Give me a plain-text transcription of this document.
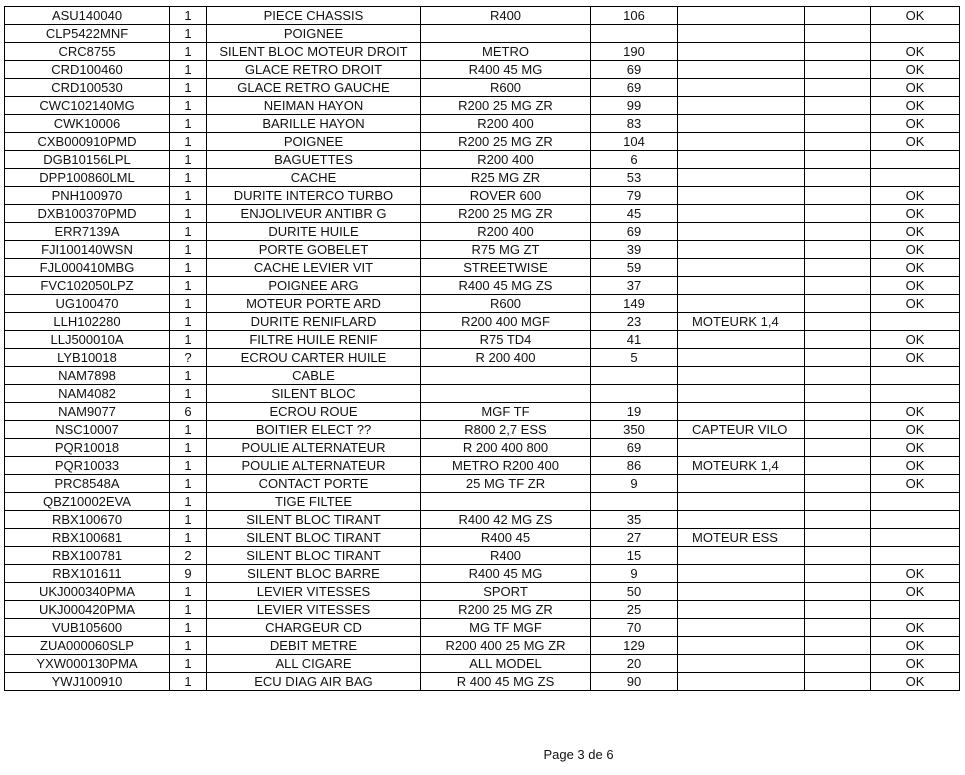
ASU140040	1	PIECE CHASSIS	R400	106			OK
CLP5422MNF	1	POIGNEE					
CRC8755	1	SILENT BLOC MOTEUR DROIT	METRO	190			OK
CRD100460	1	GLACE RETRO DROIT	R400 45 MG	69			OK
CRD100530	1	GLACE RETRO GAUCHE	R600	69			OK
CWC102140MG	1	NEIMAN HAYON	R200 25 MG ZR	99			OK
CWK10006	1	BARILLE HAYON	R200 400	83			OK
CXB000910PMD	1	POIGNEE	R200 25 MG ZR	104			OK
DGB10156LPL	1	BAGUETTES	R200 400	6			
DPP100860LML	1	CACHE	R25 MG ZR	53			
PNH100970	1	DURITE INTERCO TURBO	ROVER 600	79			OK
DXB100370PMD	1	ENJOLIVEUR ANTIBR G	R200 25 MG ZR	45			OK
ERR7139A	1	DURITE HUILE	R200 400	69			OK
FJI100140WSN	1	PORTE GOBELET	R75 MG ZT	39			OK
FJL000410MBG	1	CACHE LEVIER VIT	STREETWISE	59			OK
FVC102050LPZ	1	POIGNEE ARG	R400 45 MG ZS	37			OK
UG100470	1	MOTEUR PORTE ARD	R600	149			OK
LLH102280	1	DURITE RENIFLARD	R200 400 MGF	23	MOTEURK 1,4		
LLJ500010A	1	FILTRE HUILE RENIF	R75 TD4	41			OK
LYB10018	?	ECROU CARTER HUILE	R 200 400	5			OK
NAM7898	1	CABLE					
NAM4082	1	SILENT BLOC					
NAM9077	6	ECROU ROUE	MGF TF	19			OK
NSC10007	1	BOITIER ELECT ??	R800 2,7 ESS	350	CAPTEUR VILO		OK
PQR10018	1	POULIE ALTERNATEUR	R 200 400 800	69			OK
PQR10033	1	POULIE ALTERNATEUR	METRO R200 400	86	MOTEURK 1,4		OK
PRC8548A	1	CONTACT PORTE	25 MG TF ZR	9			OK
QBZ10002EVA	1	TIGE FILTEE					
RBX100670	1	SILENT BLOC TIRANT	R400 42 MG ZS	35			
RBX100681	1	SILENT BLOC TIRANT	R400 45	27	MOTEUR ESS		
RBX100781	2	SILENT BLOC TIRANT	R400	15			
RBX101611	9	SILENT BLOC BARRE	R400 45 MG	9			OK
UKJ000340PMA	1	LEVIER VITESSES	SPORT	50			OK
UKJ000420PMA	1	LEVIER VITESSES	R200 25 MG ZR	25			
VUB105600	1	CHARGEUR CD	MG TF MGF	70			OK
ZUA000060SLP	1	DEBIT METRE	R200 400 25 MG ZR	129			OK
YXW000130PMA	1	ALL CIGARE	ALL MODEL	20			OK
YWJ100910	1	ECU DIAG AIR BAG	R 400 45 MG ZS	90			OK
Page 3 de 6
